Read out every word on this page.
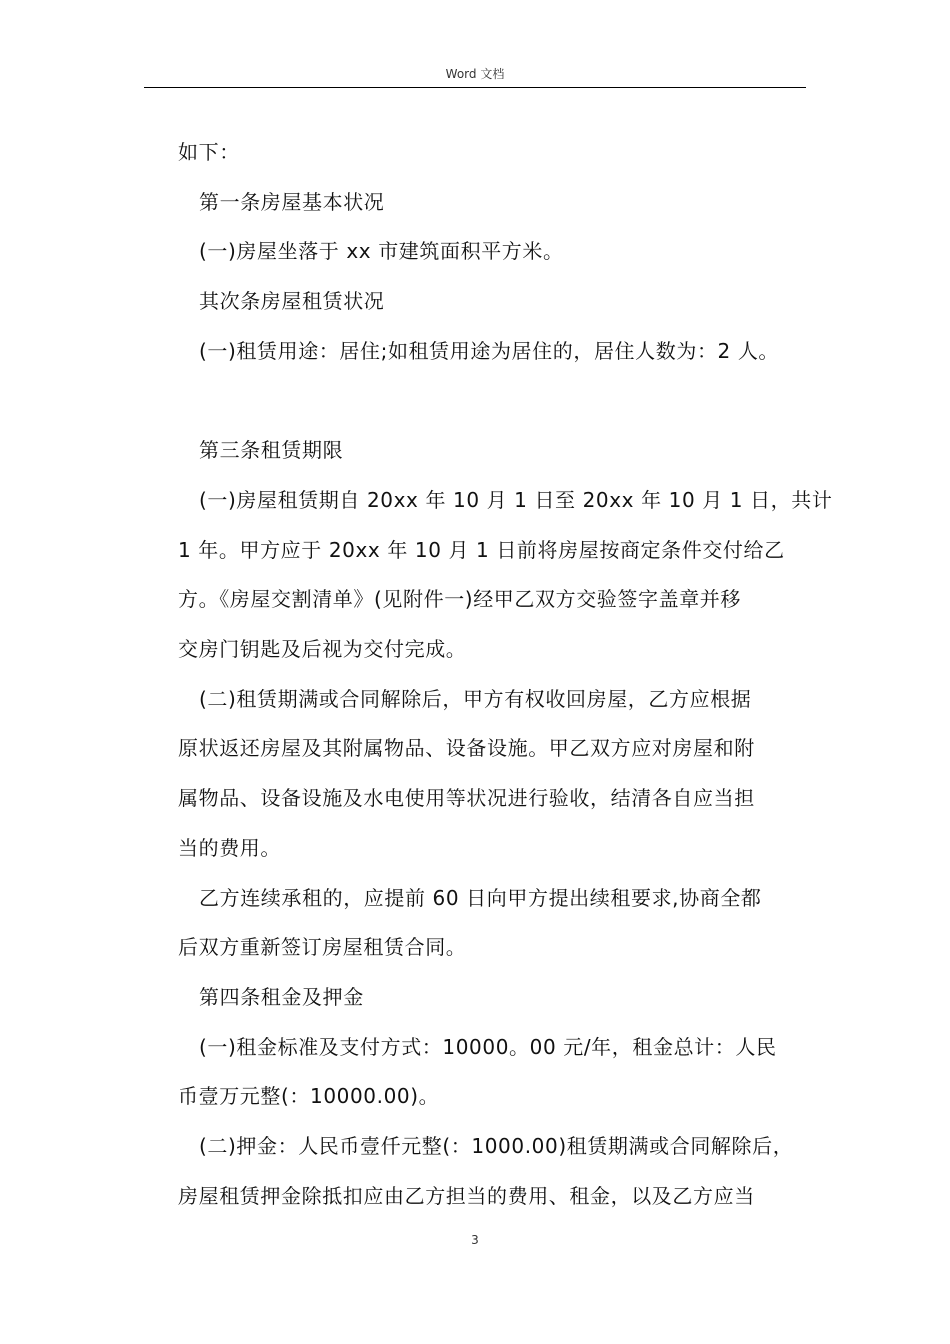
Word 文档

如下：

第一条房屋基本状况

(一)房屋坐落于 xx 市建筑面积平方米。

其次条房屋租赁状况

(一)租赁用途：居住;如租赁用途为居住的，居住人数为：2 人。

第三条租赁期限

(一)房屋租赁期自 20xx 年 10 月 1 日至 20xx 年 10 月 1 日，共计

1 年。甲方应于 20xx 年 10 月 1 日前将房屋按商定条件交付给乙

方。《房屋交割清单》(见附件一)经甲乙双方交验签字盖章并移

交房门钥匙及后视为交付完成。

(二)租赁期满或合同解除后，甲方有权收回房屋，乙方应根据

原状返还房屋及其附属物品、设备设施。甲乙双方应对房屋和附

属物品、设备设施及水电使用等状况进行验收，结清各自应当担

当的费用。

乙方连续承租的，应提前 60 日向甲方提出续租要求,协商全都

后双方重新签订房屋租赁合同。

第四条租金及押金

(一)租金标准及支付方式：10000。00 元/年，租金总计：人民

币壹万元整(：10000.00)。

(二)押金：人民币壹仟元整(：1000.00)租赁期满或合同解除后，

房屋租赁押金除抵扣应由乙方担当的费用、租金，以及乙方应当

3
